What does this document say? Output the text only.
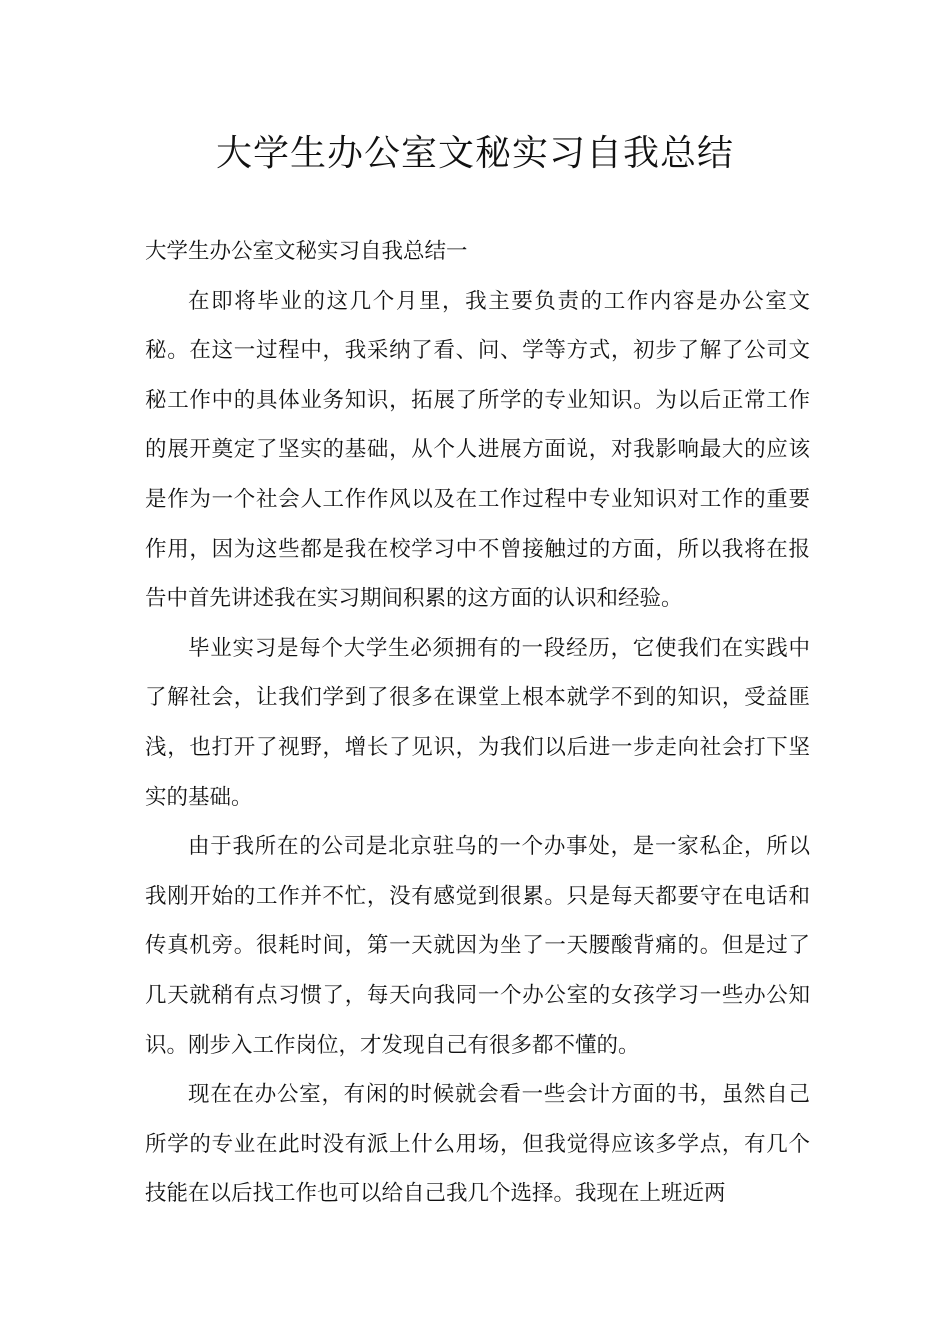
大学生办公室文秘实习自我总结

大学生办公室文秘实习自我总结一

在即将毕业的这几个月里，我主要负责的工作内容是办公室文秘。在这一过程中，我采纳了看、问、学等方式，初步了解了公司文秘工作中的具体业务知识，拓展了所学的专业知识。为以后正常工作的展开奠定了坚实的基础，从个人进展方面说，对我影响最大的应该是作为一个社会人工作作风以及在工作过程中专业知识对工作的重要作用，因为这些都是我在校学习中不曾接触过的方面，所以我将在报告中首先讲述我在实习期间积累的这方面的认识和经验。

毕业实习是每个大学生必须拥有的一段经历，它使我们在实践中了解社会，让我们学到了很多在课堂上根本就学不到的知识，受益匪浅，也打开了视野，增长了见识，为我们以后进一步走向社会打下坚实的基础。

由于我所在的公司是北京驻乌的一个办事处，是一家私企，所以我刚开始的工作并不忙，没有感觉到很累。只是每天都要守在电话和传真机旁。很耗时间，第一天就因为坐了一天腰酸背痛的。但是过了几天就稍有点习惯了，每天向我同一个办公室的女孩学习一些办公知识。刚步入工作岗位，才发现自己有很多都不懂的。

现在在办公室，有闲的时候就会看一些会计方面的书，虽然自己所学的专业在此时没有派上什么用场，但我觉得应该多学点，有几个技能在以后找工作也可以给自己我几个选择。我现在上班近两
